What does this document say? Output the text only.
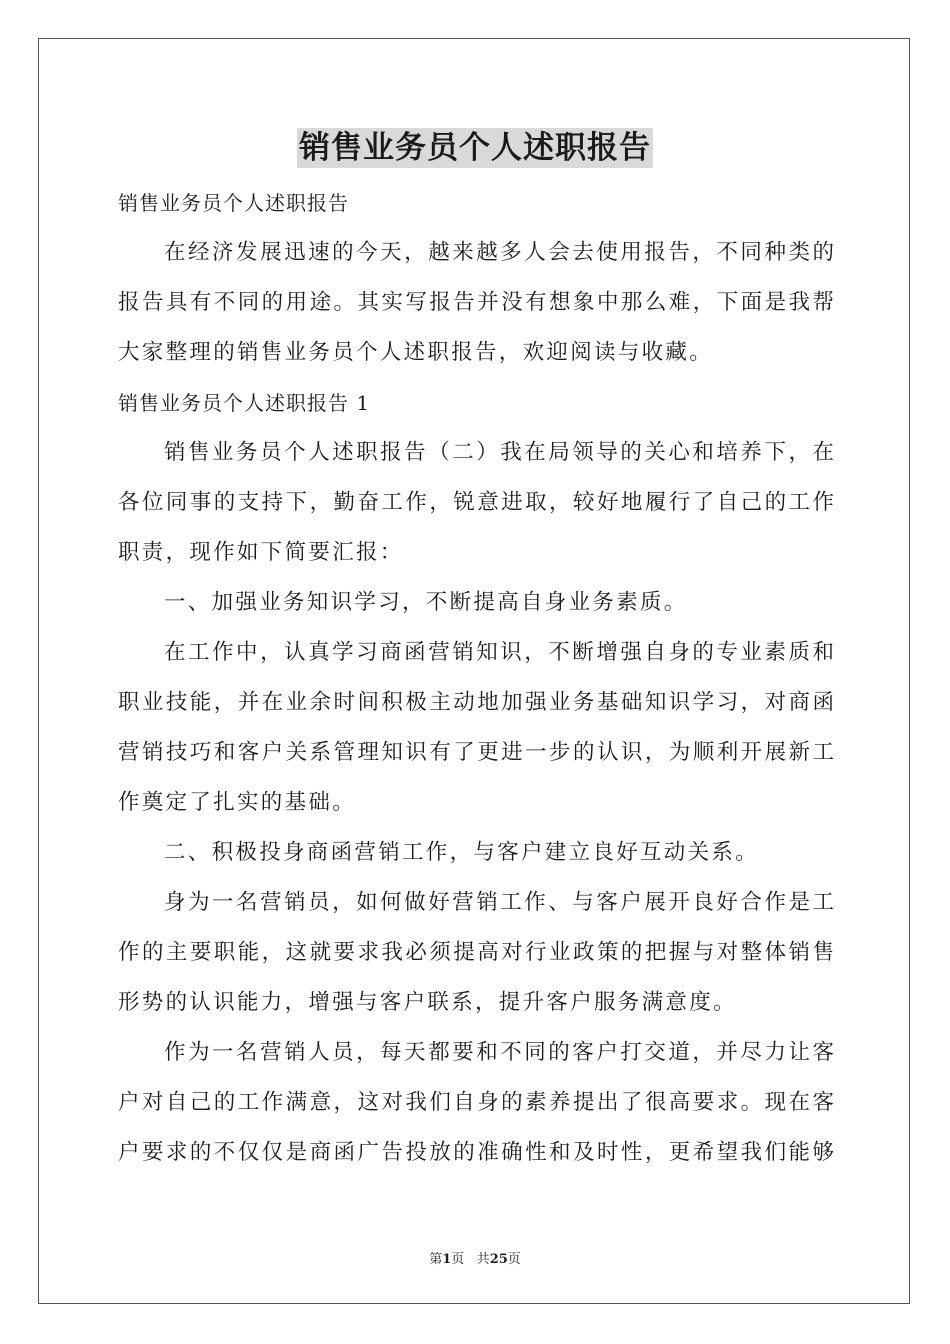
销售业务员个人述职报告
销售业务员个人述职报告
在经济发展迅速的今天，越来越多人会去使用报告，不同种类的
报告具有不同的用途。其实写报告并没有想象中那么难，下面是我帮
大家整理的销售业务员个人述职报告，欢迎阅读与收藏。
销售业务员个人述职报告 1
销售业务员个人述职报告（二）我在局领导的关心和培养下，在
各位同事的支持下，勤奋工作，锐意进取，较好地履行了自己的工作
职责，现作如下简要汇报：
一、加强业务知识学习，不断提高自身业务素质。
在工作中，认真学习商函营销知识，不断增强自身的专业素质和
职业技能，并在业余时间积极主动地加强业务基础知识学习，对商函
营销技巧和客户关系管理知识有了更进一步的认识，为顺利开展新工
作奠定了扎实的基础。
二、积极投身商函营销工作，与客户建立良好互动关系。
身为一名营销员，如何做好营销工作、与客户展开良好合作是工
作的主要职能，这就要求我必须提高对行业政策的把握与对整体销售
形势的认识能力，增强与客户联系，提升客户服务满意度。
作为一名营销人员，每天都要和不同的客户打交道，并尽力让客
户对自己的工作满意，这对我们自身的素养提出了很高要求。现在客
户要求的不仅仅是商函广告投放的准确性和及时性，更希望我们能够
第1页 共25页
